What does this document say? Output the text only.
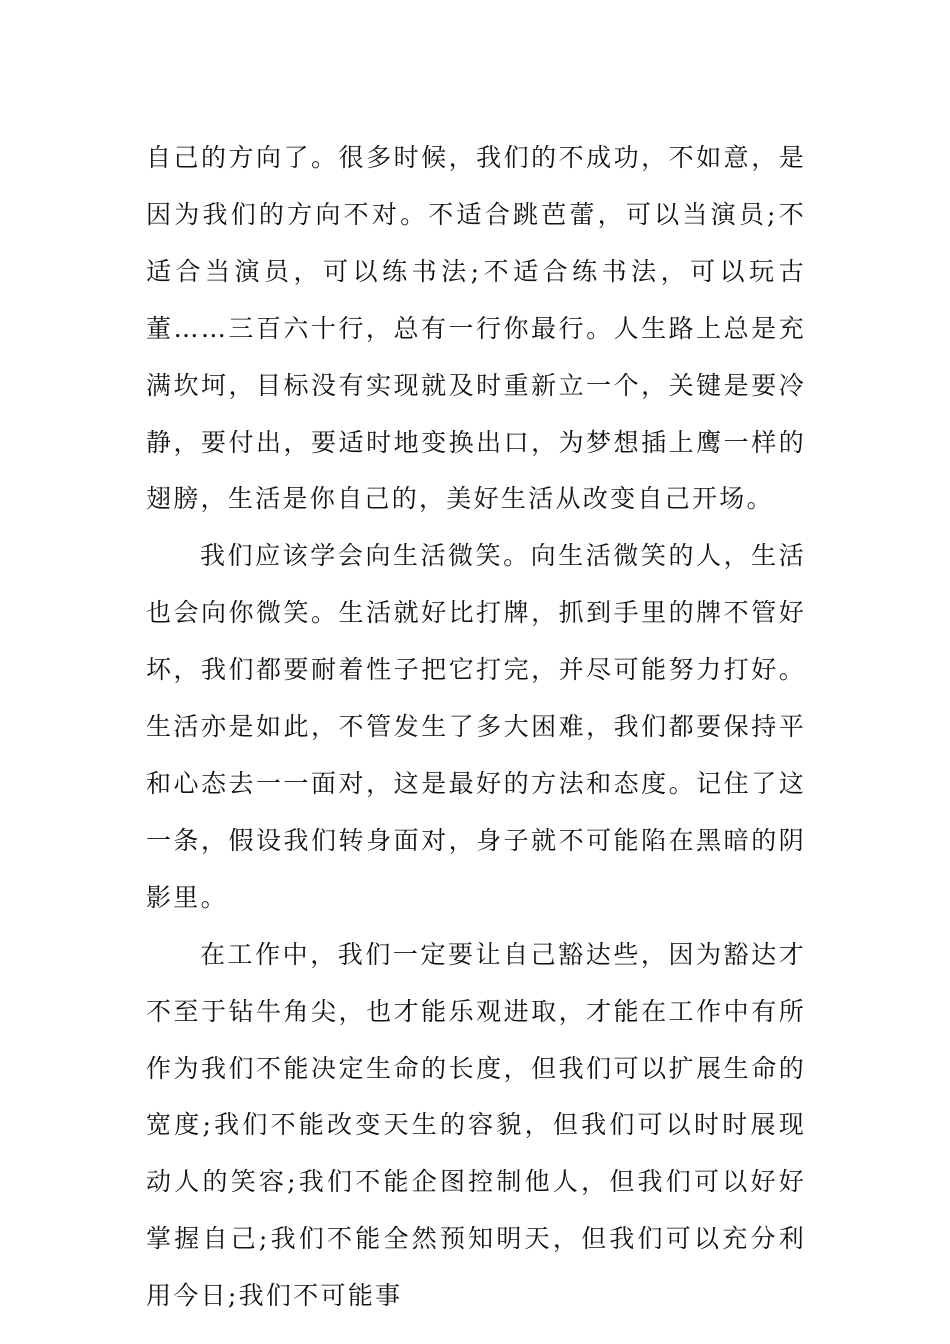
自己的方向了。很多时候，我们的不成功，不如意，是因为我们的方向不对。不适合跳芭蕾，可以当演员;不适合当演员，可以练书法;不适合练书法，可以玩古董……三百六十行，总有一行你最行。人生路上总是充满坎坷，目标没有实现就及时重新立一个，关键是要冷静，要付出，要适时地变换出口，为梦想插上鹰一样的翅膀，生活是你自己的，美好生活从改变自己开场。

我们应该学会向生活微笑。向生活微笑的人，生活也会向你微笑。生活就好比打牌，抓到手里的牌不管好坏，我们都要耐着性子把它打完，并尽可能努力打好。生活亦是如此，不管发生了多大困难，我们都要保持平和心态去一一面对，这是最好的方法和态度。记住了这一条，假设我们转身面对，身子就不可能陷在黑暗的阴影里。

在工作中，我们一定要让自己豁达些，因为豁达才不至于钻牛角尖，也才能乐观进取，才能在工作中有所作为我们不能决定生命的长度，但我们可以扩展生命的宽度;我们不能改变天生的容貌，但我们可以时时展现动人的笑容;我们不能企图控制他人，但我们可以好好掌握自己;我们不能全然预知明天，但我们可以充分利用今日;我们不可能事
